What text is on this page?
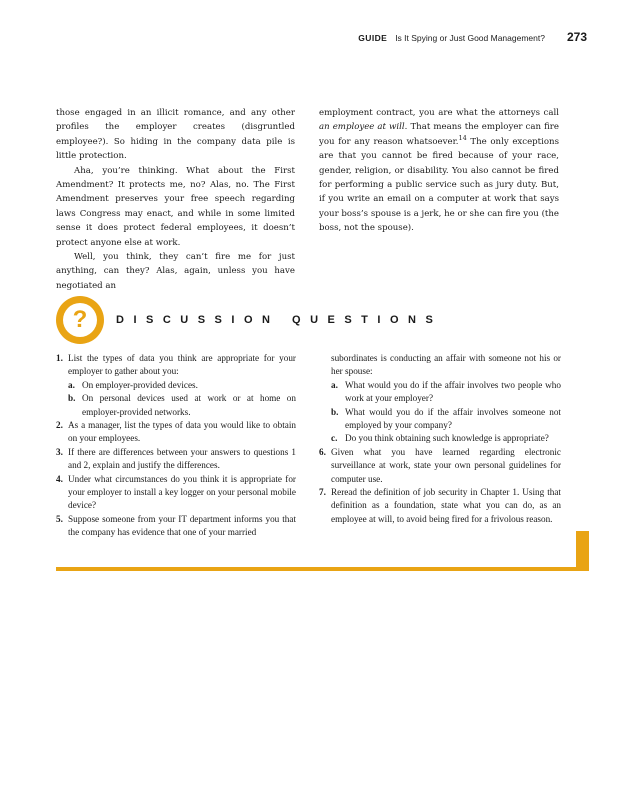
GUIDE Is It Spying or Just Good Management? 273

those engaged in an illicit romance, and any other profiles the employer creates (disgruntled employee?). So hiding in the company data pile is little protection.

Aha, you’re thinking. What about the First Amendment? It protects me, no? Alas, no. The First Amendment preserves your free speech regarding laws Congress may enact, and while in some limited sense it does protect federal employees, it doesn’t protect anyone else at work.

Well, you think, they can’t fire me for just anything, can they? Alas, again, unless you have negotiated an

employment contract, you are what the attorneys call an employee at will. That means the employer can fire you for any reason whatsoever.$^{14}$ The only exceptions are that you cannot be fired because of your race, gender, religion, or disability. You also cannot be fired for performing a public service such as jury duty. But, if you write an email on a computer at work that says your boss’s spouse is a jerk, he or she can fire you (the boss, not the spouse).

?	DISCUSSION QUESTIONS
1. List the types of data you think are appropriate for your employer to gather about you:
a. On employer-provided devices.
b. On personal devices used at work or at home on employer-provided networks.
2. As a manager, list the types of data you would like to obtain on your employees.
3. If there are differences between your answers to questions 1 and 2, explain and justify the differences.
4. Under what circumstances do you think it is appropriate for your employer to install a key logger on your personal mobile device?
5. Suppose someone from your IT department informs you that the company has evidence that one of your married
subordinates is conducting an affair with someone not his or her spouse:
a. What would you do if the affair involves two people who work at your employer?
b. What would you do if the affair involves someone not employed by your company?
c. Do you think obtaining such knowledge is appropriate?
6. Given what you have learned regarding electronic surveillance at work, state your own personal guidelines for computer use.
7. Reread the definition of job security in Chapter 1. Using that definition as a foundation, state what you can do, as an employee at will, to avoid being fired for a frivolous reason.
